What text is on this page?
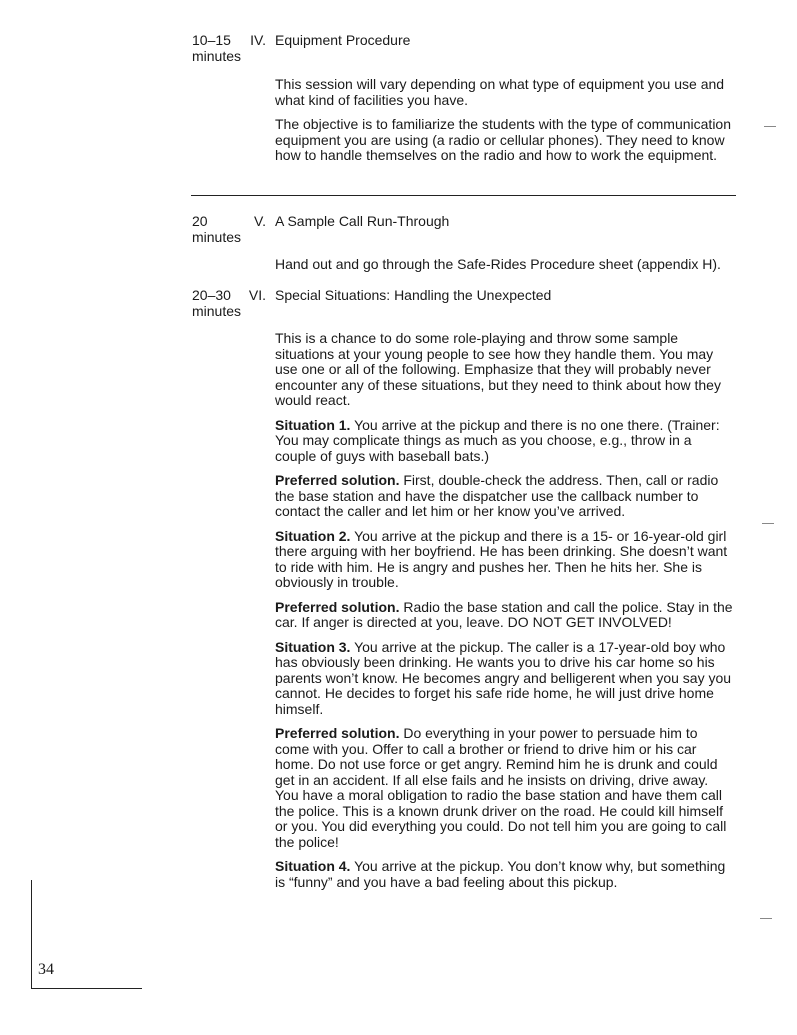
10–15 minutes
IV. Equipment Procedure

This session will vary depending on what type of equipment you use and what kind of facilities you have.

The objective is to familiarize the students with the type of communication equipment you are using (a radio or cellular phones). They need to know how to handle themselves on the radio and how to work the equipment.

20 minutes
V. A Sample Call Run-Through

Hand out and go through the Safe-Rides Procedure sheet (appendix H).

20–30 minutes
VI. Special Situations: Handling the Unexpected

This is a chance to do some role-playing and throw some sample situations at your young people to see how they handle them. You may use one or all of the following. Emphasize that they will probably never encounter any of these situations, but they need to think about how they would react.

Situation 1. You arrive at the pickup and there is no one there. (Trainer: You may complicate things as much as you choose, e.g., throw in a couple of guys with baseball bats.)

Preferred solution. First, double-check the address. Then, call or radio the base station and have the dispatcher use the callback number to contact the caller and let him or her know you’ve arrived.

Situation 2. You arrive at the pickup and there is a 15- or 16-year-old girl there arguing with her boyfriend. He has been drinking. She doesn’t want to ride with him. He is angry and pushes her. Then he hits her. She is obviously in trouble.

Preferred solution. Radio the base station and call the police. Stay in the car. If anger is directed at you, leave. DO NOT GET INVOLVED!

Situation 3. You arrive at the pickup. The caller is a 17-year-old boy who has obviously been drinking. He wants you to drive his car home so his parents won’t know. He becomes angry and belligerent when you say you cannot. He decides to forget his safe ride home, he will just drive home himself.

Preferred solution. Do everything in your power to persuade him to come with you. Offer to call a brother or friend to drive him or his car home. Do not use force or get angry. Remind him he is drunk and could get in an accident. If all else fails and he insists on driving, drive away. You have a moral obligation to radio the base station and have them call the police. This is a known drunk driver on the road. He could kill himself or you. You did everything you could. Do not tell him you are going to call the police!

Situation 4. You arrive at the pickup. You don’t know why, but something is “funny” and you have a bad feeling about this pickup.

34
